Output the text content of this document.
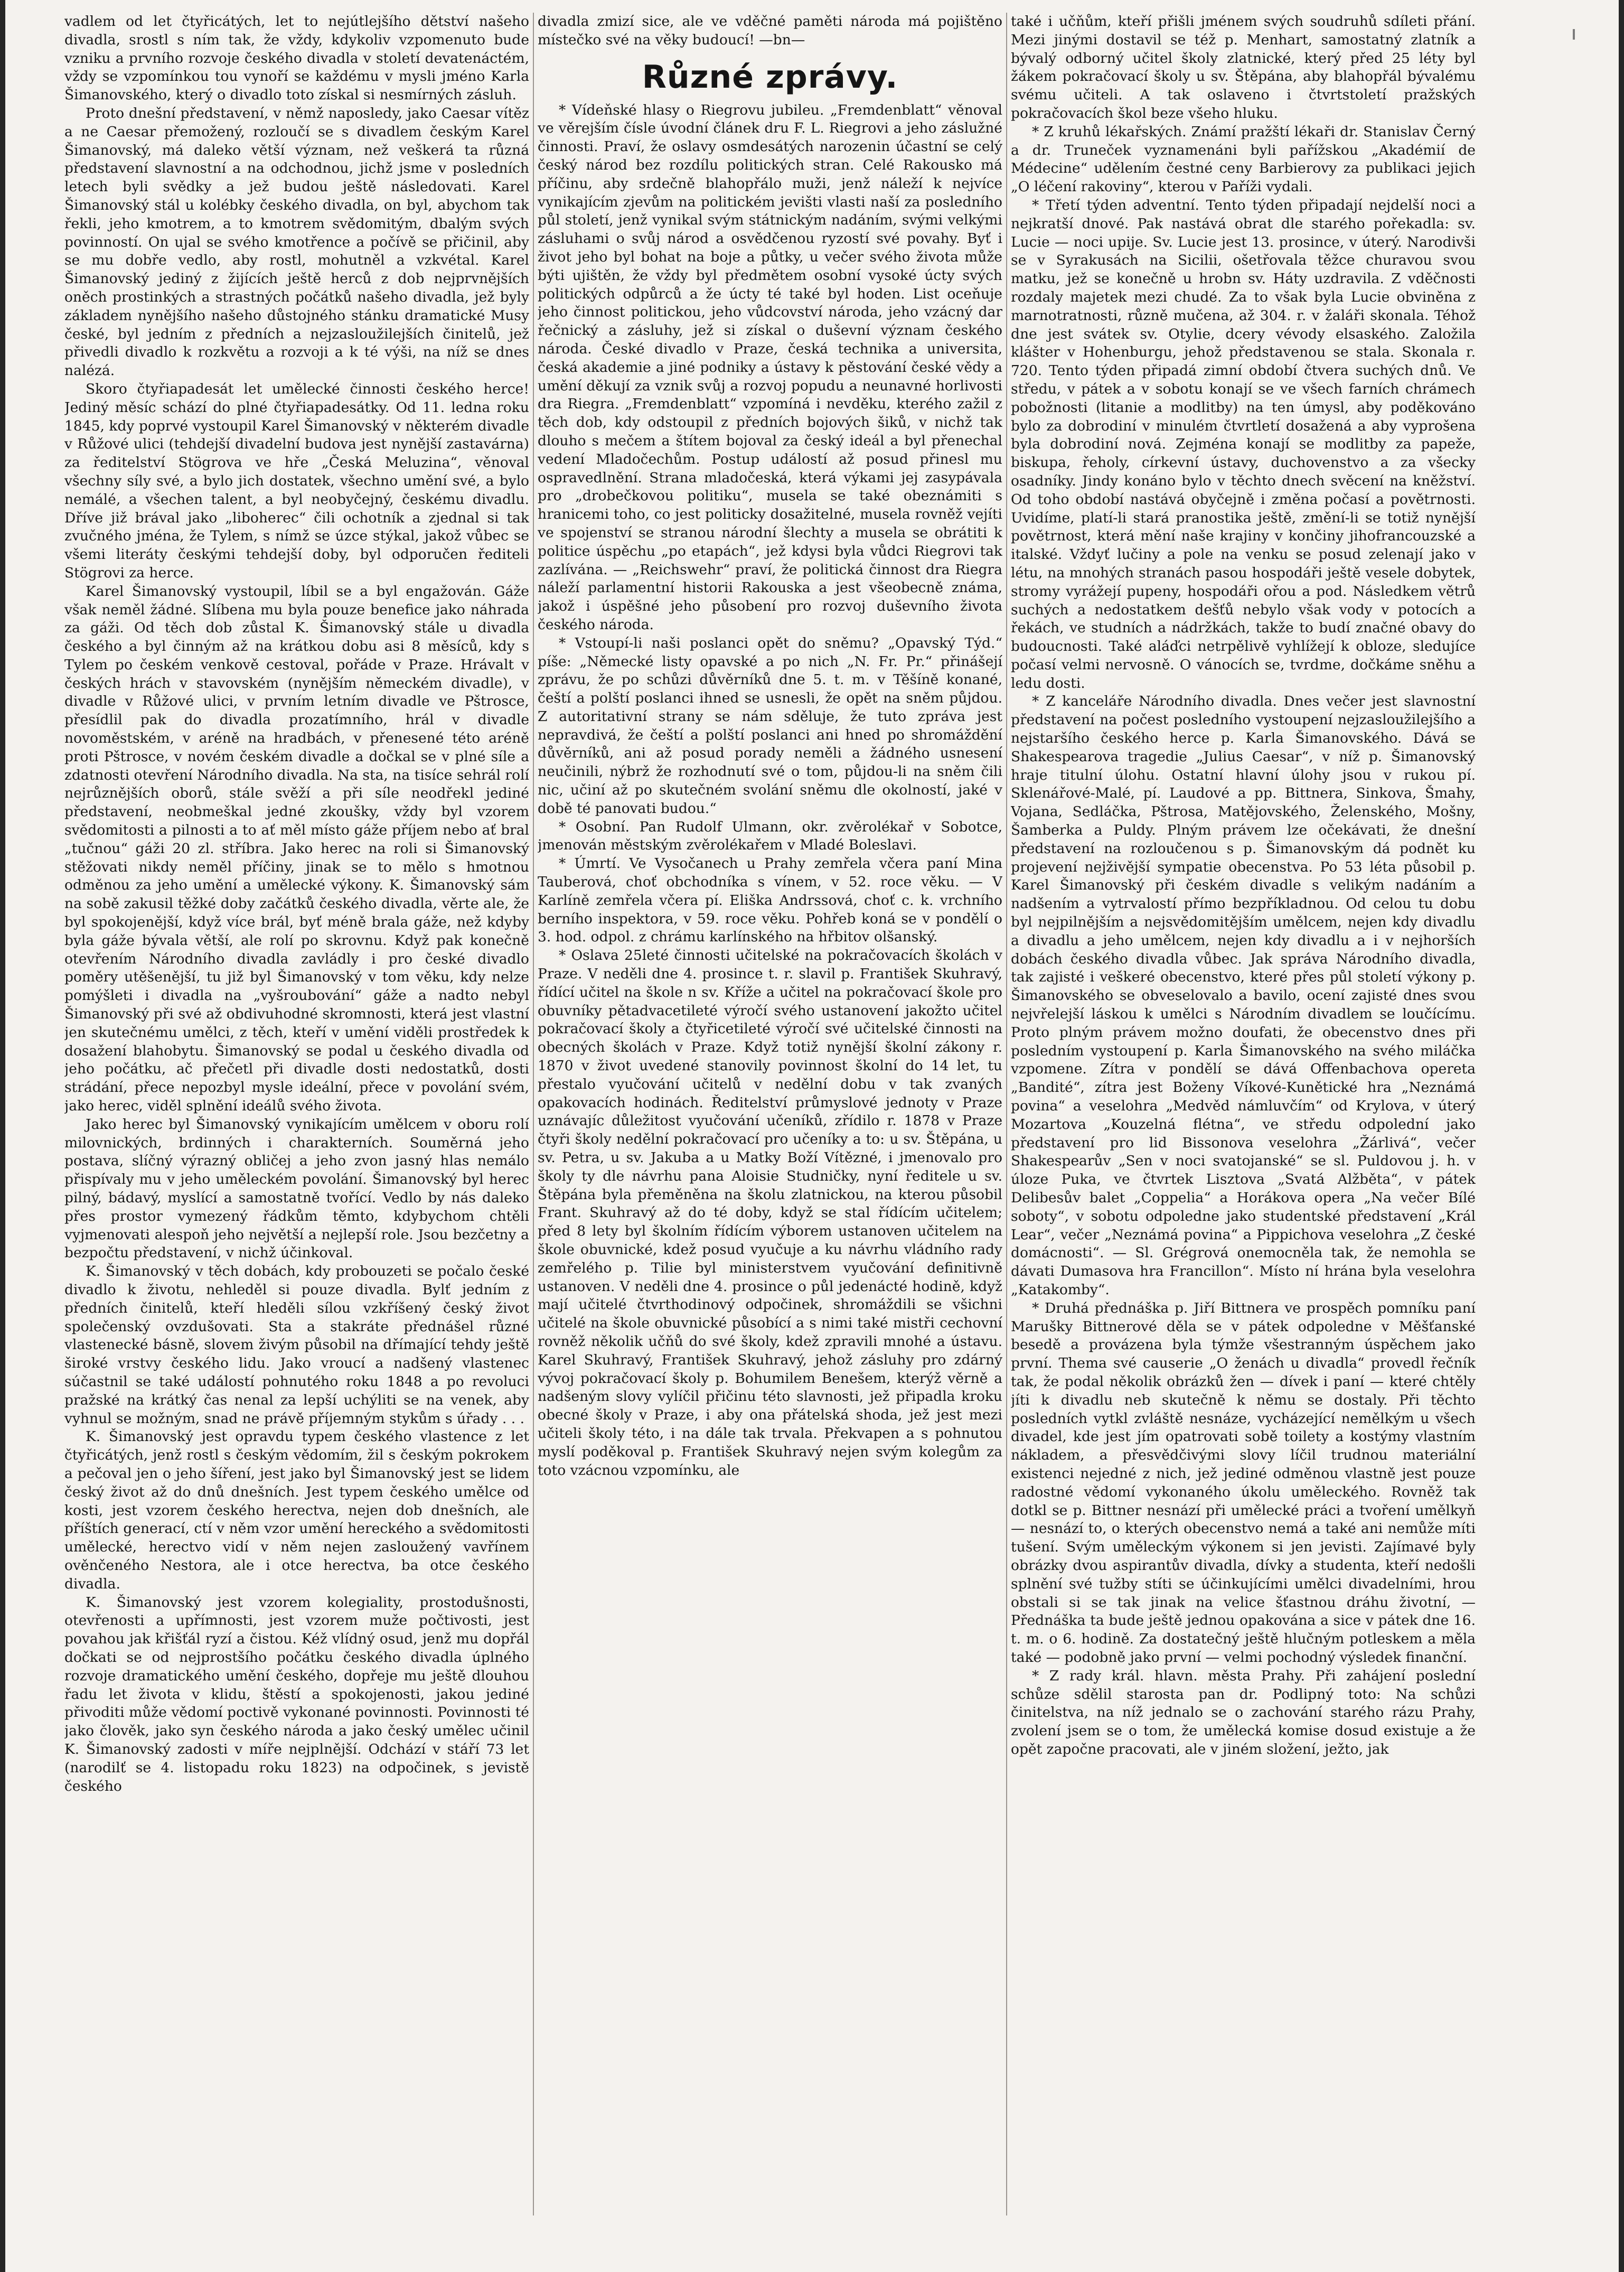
vadlem od let čtyřicátých, let to nejútlejšího dětství našeho divadla, srostl s ním tak, že vždy, kdykoliv vzpomenuto bude vzniku a prvního rozvoje českého divadla v století devatenáctém, vždy se vzpomínkou tou vynoří se každému v mysli jméno Karla Šimanovského, který o divadlo toto získal si nesmírných zásluh.

Proto dnešní představení, v němž naposledy, jako Caesar vítěz a ne Caesar přemožený, rozloučí se s divadlem českým Karel Šimanovský, má daleko větší význam, než veškerá ta různá představení slavnostní a na odchodnou, jichž jsme v posledních letech byli svědky a jež budou ještě následovati. Karel Šimanovský stál u kolébky českého divadla, on byl, abychom tak řekli, jeho kmotrem, a to kmotrem svědomitým, dbalým svých povinností. On ujal se svého kmotřence a počívě se přičinil, aby se mu dobře vedlo, aby rostl, mohutněl a vzkvétal. Karel Šimanovský jediný z žijících ještě herců z dob nejprvnějších oněch prostinkých a strastných počátků našeho divadla, jež byly základem nynějšího našeho důstojného stánku dramatické Musy české, byl jedním z předních a nejzasloužilejších činitelů, jež přivedli divadlo k rozkvětu a rozvoji a k té výši, na níž se dnes nalézá.

Skoro čtyřiapadesát let umělecké činnosti českého herce! Jediný měsíc schází do plné čtyřiapadesátky. Od 11. ledna roku 1845, kdy poprvé vystoupil Karel Šimanovský v některém divadle v Růžové ulici (tehdejší divadelní budova jest nynější zastavárna) za ředitelství Stögrova ve hře „Česká Meluzina“, věnoval všechny síly své, a bylo jich dostatek, všechno umění své, a bylo nemálé, a všechen talent, a byl neobyčejný, českému divadlu. Dříve již brával jako „liboherec“ čili ochotník a zjednal si tak zvučného jména, že Tylem, s nímž se úzce stýkal, jakož vůbec se všemi literáty českými tehdejší doby, byl odporučen řediteli Stögrovi za herce.

Karel Šimanovský vystoupil, líbil se a byl engažován. Gáže však neměl žádné. Slíbena mu byla pouze benefice jako náhrada za gáži. Od těch dob zůstal K. Šimanovský stále u divadla českého a byl činným až na krátkou dobu asi 8 měsíců, kdy s Tylem po českém venkově cestoval, pořáde v Praze. Hrávalt v českých hrách v stavovském (nynějším německém divadle), v divadle v Růžové ulici, v prvním letním divadle ve Pštrosce, přesídlil pak do divadla prozatímního, hrál v divadle novoměstském, v aréně na hradbách, v přenesené této aréně proti Pštrosce, v novém českém divadle a dočkal se v plné síle a zdatnosti otevření Národního divadla. Na sta, na tisíce sehrál rolí nejrůznějších oborů, stále svěží a při síle neodřekl jediné představení, neobmeškal jedné zkoušky, vždy byl vzorem svědomitosti a pilnosti a to ať měl místo gáže příjem nebo ať bral „tučnou“ gáži 20 zl. stříbra. Jako herec na roli si Šimanovský stěžovati nikdy neměl příčiny, jinak se to mělo s hmotnou odměnou za jeho umění a umělecké výkony. K. Šimanovský sám na sobě zakusil těžké doby začátků českého divadla, věrte ale, že byl spokojenější, když více brál, byť méně brala gáže, než kdyby byla gáže bývala větší, ale rolí po skrovnu. Když pak konečně otevřením Národního divadla zavládly i pro české divadlo poměry utěšenější, tu již byl Šimanovský v tom věku, kdy nelze pomýšleti i divadla na „vyšroubování“ gáže a nadto nebyl Šimanovský při své až obdivuhodné skromnosti, která jest vlastní jen skutečnému umělci, z těch, kteří v umění viděli prostředek k dosažení blahobytu. Šimanovský se podal u českého divadla od jeho počátku, ač přečetl při divadle dosti nedostatků, dosti strádání, přece nepozbyl mysle ideální, přece v povolání svém, jako herec, viděl splnění ideálů svého života.

Jako herec byl Šimanovský vynikajícím umělcem v oboru rolí milovnických, brdinných i charakterních. Souměrná jeho postava, slíčný výrazný obličej a jeho zvon jasný hlas nemálo přispívaly mu v jeho uměleckém povolání. Šimanovský byl herec pilný, bádavý, myslící a samostatně tvořící. Vedlo by nás daleko přes prostor vymezený řádkům těmto, kdybychom chtěli vyjmenovati alespoň jeho největší a nejlepší role. Jsou bezčetny a bezpočtu představení, v nichž účinkoval.

K. Šimanovský v těch dobách, kdy probouzeti se počalo české divadlo k životu, nehleděl si pouze divadla. Bylť jedním z předních činitelů, kteří hleděli sílou vzkříšený český život společenský ovzdušovati. Sta a stakráte přednášel různé vlastenecké básně, slovem živým působil na dřímající tehdy ještě široké vrstvy českého lidu. Jako vroucí a nadšený vlastenec súčastnil se také událostí pohnutého roku 1848 a po revoluci pražské na krátký čas nenal za lepší uchýliti se na venek, aby vyhnul se možným, snad ne právě příjemným stykům s úřady . . .

K. Šimanovský jest opravdu typem českého vlastence z let čtyřicátých, jenž rostl s českým vědomím, žil s českým pokrokem a pečoval jen o jeho šíření, jest jako byl Šimanovský jest se lidem český život až do dnů dnešních. Jest typem českého umělce od kosti, jest vzorem českého herectva, nejen dob dnešních, ale příštích generací, ctí v něm vzor umění hereckého a svědomitosti umělecké, herectvo vidí v něm nejen zasloužený vavřínem ověnčeného Nestora, ale i otce herectva, ba otce českého divadla.

K. Šimanovský jest vzorem kolegiality, prostodušnosti, otevřenosti a upřímnosti, jest vzorem muže počtivosti, jest povahou jak křišťál ryzí a čistou. Kéž vlídný osud, jenž mu dopřál dočkati se od nejprostšího počátku českého divadla úplného rozvoje dramatického umění českého, dopřeje mu ještě dlouhou řadu let života v klidu, štěstí a spokojenosti, jakou jediné přivoditi může vědomí poctivě vykonané povinnosti. Povinnosti té jako člověk, jako syn českého národa a jako český umělec učinil K. Šimanovský zadosti v míře nejplnější. Odchází v stáří 73 let (narodilť se 4. listopadu roku 1823) na odpočinek, s jevistě českého

divadla zmizí sice, ale ve vděčné paměti národa má pojištěno místečko své na věky budoucí! —bn—

Různé zprávy.

* Vídeňské hlasy o Riegrovu jubileu. „Fremdenblatt“ věnoval ve věrejším čísle úvodní článek dru F. L. Riegrovi a jeho záslužné činnosti. Praví, že oslavy osmdesátých narozenin účastní se celý český národ bez rozdílu politických stran. Celé Rakousko má příčinu, aby srdečně blahopřálo muži, jenž náleží k nejvíce vynikajícím zjevům na politickém jevišti vlasti naší za posledního půl století, jenž vynikal svým státnickým nadáním, svými velkými zásluhami o svůj národ a osvědčenou ryzostí své povahy. Byť i život jeho byl bohat na boje a půtky, u večer svého života může býti ujištěn, že vždy byl předmětem osobní vysoké úcty svých politických odpůrců a že úcty té také byl hoden. List oceňuje jeho činnost politickou, jeho vůdcovství národa, jeho vzácný dar řečnický a zásluhy, jež si získal o duševní význam českého národa. České divadlo v Praze, česká technika a universita, česká akademie a jiné podniky a ústavy k pěstování české vědy a umění děkují za vznik svůj a rozvoj popudu a neunavné horlivosti dra Riegra. „Fremdenblatt“ vzpomíná i nevděku, kterého zažil z těch dob, kdy odstoupil z předních bojových šiků, v nichž tak dlouho s mečem a štítem bojoval za český ideál a byl přenechal vedení Mladočechům. Postup událostí až posud přinesl mu ospravedlnění. Strana mladočeská, která výkami jej zasypávala pro „drobečkovou politiku“, musela se také obeznámiti s hranicemi toho, co jest politicky dosažitelné, musela rovněž vejíti ve spojenství se stranou národní šlechty a musela se obrátiti k politice úspěchu „po etapách“, jež kdysi byla vůdci Riegrovi tak zazlívána. — „Reichswehr“ praví, že politická činnost dra Riegra náleží parlamentní historii Rakouska a jest všeobecně známa, jakož i úspěšné jeho působení pro rozvoj duševního života českého národa.

* Vstoupí-li naši poslanci opět do sněmu? „Opavský Týd.“ píše: „Německé listy opavské a po nich „N. Fr. Pr.“ přinášejí zprávu, že po schůzi důvěrníků dne 5. t. m. v Těšíně konané, čeští a polští poslanci ihned se usnesli, že opět na sněm půjdou. Z autoritativní strany se nám sděluje, že tuto zpráva jest nepravdivá, že čeští a polští poslanci ani hned po shromáždění důvěrníků, ani až posud porady neměli a žádného usnesení neučinili, nýbrž že rozhodnutí své o tom, půjdou-li na sněm čili nic, učiní až po skutečném svolání sněmu dle okolností, jaké v době té panovati budou.“

* Osobní. Pan Rudolf Ulmann, okr. zvěrolékař v Sobotce, jmenován městským zvěrolékařem v Mladé Boleslavi.

* Úmrtí. Ve Vysočanech u Prahy zemřela včera paní Mina Tauberová, choť obchodníka s vínem, v 52. roce věku. — V Karlíně zemřela včera pí. Eliška Andrssová, choť c. k. vrchního berního inspektora, v 59. roce věku. Pohřeb koná se v pondělí o 3. hod. odpol. z chrámu karlínského na hřbitov olšanský.

* Oslava 25leté činnosti učitelské na pokračovacích školách v Praze. V neděli dne 4. prosince t. r. slavil p. František Skuhravý, řídící učitel na škole n sv. Kříže a učitel na pokračovací škole pro obuvníky pětadvacetileté výročí svého ustanovení jakožto učitel pokračovací školy a čtyřicetileté výročí své učitelské činnosti na obecných školách v Praze. Když totiž nynější školní zákony r. 1870 v život uvedené stanovily povinnost školní do 14 let, tu přestalo vyučování učitelů v nedělní dobu v tak zvaných opakovacích hodinách. Ředitelství průmyslové jednoty v Praze uznávajíc důležitost vyučování učeníků, zřídilo r. 1878 v Praze čtyři školy nedělní pokračovací pro učeníky a to: u sv. Štěpána, u sv. Petra, u sv. Jakuba a u Matky Boží Vítězné, i jmenovalo pro školy ty dle návrhu pana Aloisie Studničky, nyní ředitele u sv. Štěpána byla přeměněna na školu zlatnickou, na kterou působil Frant. Skuhravý až do té doby, když se stal řídícím učitelem; před 8 lety byl školním řídícím výborem ustanoven učitelem na škole obuvnické, kdež posud vyučuje a ku návrhu vládního rady zemřelého p. Tilie byl ministerstvem vyučování definitivně ustanoven. V neděli dne 4. prosince o půl jedenácté hodině, když mají učitelé čtvrthodinový odpočinek, shromáždili se všichni učitelé na škole obuvnické působící a s nimi také mistři cechovní rovněž několik učňů do své školy, kdež zpravili mnohé a ústavu. Karel Skuhravý, František Skuhravý, jehož zásluhy pro zdárný vývoj pokračovací školy p. Bohumilem Benešem, kterýž věrně a nadšeným slovy vylíčil přičinu této slavnosti, jež připadla kroku obecné školy v Praze, i aby ona přátelská shoda, jež jest mezi učiteli školy této, i na dále tak trvala. Překvapen a s pohnutou myslí poděkoval p. František Skuhravý nejen svým kolegům za toto vzácnou vzpomínku, ale

také i učňům, kteří přišli jménem svých soudruhů sdíleti přání. Mezi jinými dostavil se též p. Menhart, samostatný zlatník a bývalý odborný učitel školy zlatnické, který před 25 léty byl žákem pokračovací školy u sv. Štěpána, aby blahopřál bývalému svému učiteli. A tak oslaveno i čtvrtstoletí pražských pokračovacích škol beze všeho hluku.

* Z kruhů lékařských. Známí pražští lékaři dr. Stanislav Černý a dr. Truneček vyznamenáni byli pařížskou „Akadémií de Médecine“ udělením čestné ceny Barbierovy za publikaci jejich „O léčení rakoviny“, kterou v Paříži vydali.

* Třetí týden adventní. Tento týden připadají nejdelší noci a nejkratší dnové. Pak nastává obrat dle starého pořekadla: sv. Lucie — noci upije. Sv. Lucie jest 13. prosince, v úterý. Narodivši se v Syrakusách na Sicilii, ošetřovala těžce churavou svou matku, jež se konečně u hrobn sv. Háty uzdravila. Z vděčnosti rozdaly majetek mezi chudé. Za to však byla Lucie obviněna z marnotratnosti, různě mučena, až 304. r. v žaláři skonala. Téhož dne jest svátek sv. Otylie, dcery vévody elsaského. Založila klášter v Hohenburgu, jehož představenou se stala. Skonala r. 720. Tento týden připadá zimní období čtvera suchých dnů. Ve středu, v pátek a v sobotu konají se ve všech farních chrámech pobožnosti (litanie a modlitby) na ten úmysl, aby poděkováno bylo za dobrodiní v minulém čtvrtletí dosažená a aby vyprošena byla dobrodiní nová. Zejména konají se modlitby za papeže, biskupa, řeholy, církevní ústavy, duchovenstvo a za všecky osadníky. Jindy konáno bylo v těchto dnech svěcení na kněžství. Od toho období nastává obyčejně i změna počasí a povětrnosti. Uvidíme, platí-li stará pranostika ještě, změní-li se totiž nynější povětrnost, která mění naše krajiny v končiny jihofrancouzské a italské. Vždyť lučiny a pole na venku se posud zelenají jako v létu, na mnohých stranách pasou hospodáři ještě vesele dobytek, stromy vyrážejí pupeny, hospodáři ořou a pod. Následkem větrů suchých a nedostatkem dešťů nebylo však vody v potocích a řekách, ve studních a nádržkách, takže to budí značné obavy do budoucnosti. Také aláďci netrpělivě vyhlížejí k obloze, sledujíce počasí velmi nervosně. O vánocích se, tvrdme, dočkáme sněhu a ledu dosti.

* Z kanceláře Národního divadla. Dnes večer jest slavnostní představení na počest posledního vystoupení nejzasloužilejšího a nejstaršího českého herce p. Karla Šimanovského. Dává se Shakespearova tragedie „Julius Caesar“, v níž p. Šimanovský hraje titulní úlohu. Ostatní hlavní úlohy jsou v rukou pí. Sklenářové-Malé, pí. Laudové a pp. Bittnera, Sinkova, Šmahy, Vojana, Sedláčka, Pštrosa, Matějovského, Želenského, Mošny, Šamberka a Puldy. Plným právem lze očekávati, že dnešní představení na rozloučenou s p. Šimanovským dá podnět ku projevení nejživější sympatie obecenstva. Po 53 léta působil p. Karel Šimanovský při českém divadle s velikým nadáním a nadšením a vytrvalostí přímo bezpříkladnou. Od celou tu dobu byl nejpilnějším a nejsvědomitějším umělcem, nejen kdy divadlu a divadlu a jeho umělcem, nejen kdy divadlu a i v nejhorších dobách českého divadla vůbec. Jak správa Národního divadla, tak zajisté i veškeré obecenstvo, které přes půl století výkony p. Šimanovského se obveselovalo a bavilo, ocení zajisté dnes svou nejvřelejší láskou k umělci s Národním divadlem se loučícímu. Proto plným právem možno doufati, že obecenstvo dnes při posledním vystoupení p. Karla Šimanovského na svého miláčka vzpomene. Zítra v pondělí se dává Offenbachova opereta „Bandité“, zítra jest Boženy Víkové-Kunětické hra „Neznámá povina“ a veselohra „Medvěd námluvčím“ od Krylova, v úterý Mozartova „Kouzelná flétna“, ve středu odpolední jako představení pro lid Bissonova veselohra „Žárlivá“, večer Shakespearův „Sen v noci svatojanské“ se sl. Puldovou j. h. v úloze Puka, ve čtvrtek Lisztova „Svatá Alžběta“, v pátek Delibesův balet „Coppelia“ a Horákova opera „Na večer Bílé soboty“, v sobotu odpoledne jako studentské představení „Král Lear“, večer „Neznámá povina“ a Pippichova veselohra „Z české domácnosti“. — Sl. Grégrová onemocněla tak, že nemohla se dávati Dumasova hra Francillon“. Místo ní hrána byla veselohra „Katakomby“.

* Druhá přednáška p. Jiří Bittnera ve prospěch pomníku paní Marušky Bittnerové děla se v pátek odpoledne v Měšťanské besedě a provázena byla týmže všestranným úspěchem jako první. Thema své causerie „O ženách u divadla“ provedl řečník tak, že podal několik obrázků žen — dívek i paní — které chtěly jíti k divadlu neb skutečně k němu se dostaly. Při těchto posledních vytkl zvláště nesnáze, vycházející nemělkým u všech divadel, kde jest jím opatrovati sobě toilety a kostýmy vlastním nákladem, a přesvědčivými slovy líčil trudnou materiální existenci nejedné z nich, jež jediné odměnou vlastně jest pouze radostné vědomí vykonaného úkolu uměleckého. Rovněž tak dotkl se p. Bittner nesnází při umělecké práci a tvoření umělkyň — nesnází to, o kterých obecenstvo nemá a také ani nemůže míti tušení. Svým uměleckým výkonem si jen jevisti. Zajímavé byly obrázky dvou aspirantův divadla, dívky a studenta, kteří nedošli splnění své tužby stíti se účinkujícími umělci divadelními, hrou obstali si se tak jinak na velice šťastnou dráhu životní, — Přednáška ta bude ještě jednou opakována a sice v pátek dne 16. t. m. o 6. hodině. Za dostatečný ještě hlučným potleskem a měla také — podobně jako první — velmi pochodný výsledek finanční.

* Z rady král. hlavn. města Prahy. Při zahájení poslední schůze sdělil starosta pan dr. Podlipný toto: Na schůzi činitelstva, na níž jednalo se o zachování starého rázu Prahy, zvolení jsem se o tom, že umělecká komise dosud existuje a že opět započne pracovati, ale v jiném složení, ježto, jak
